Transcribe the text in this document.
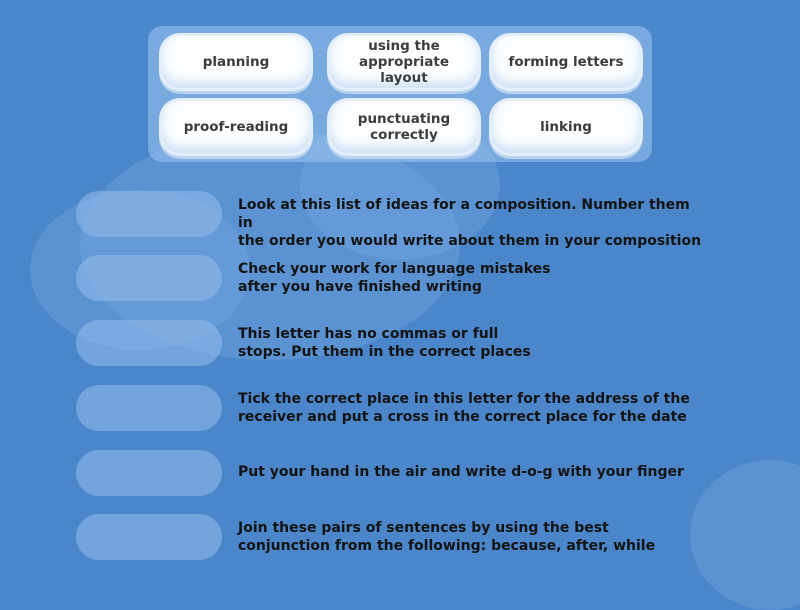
planning
using the appropriate layout
forming letters
proof-reading	punctuating correctly	linking
Look at this list of ideas for a composition. Number them in
the order you would write about them in your composition
Check your work for language mistakes
after you have finished writing
This letter has no commas or full
stops. Put them in the correct places
Tick the correct place in this letter for the address of the
receiver and put a cross in the correct place for the date
Put your hand in the air and write d-o-g with your finger
Join these pairs of sentences by using the best
conjunction from the following: because, after, while
